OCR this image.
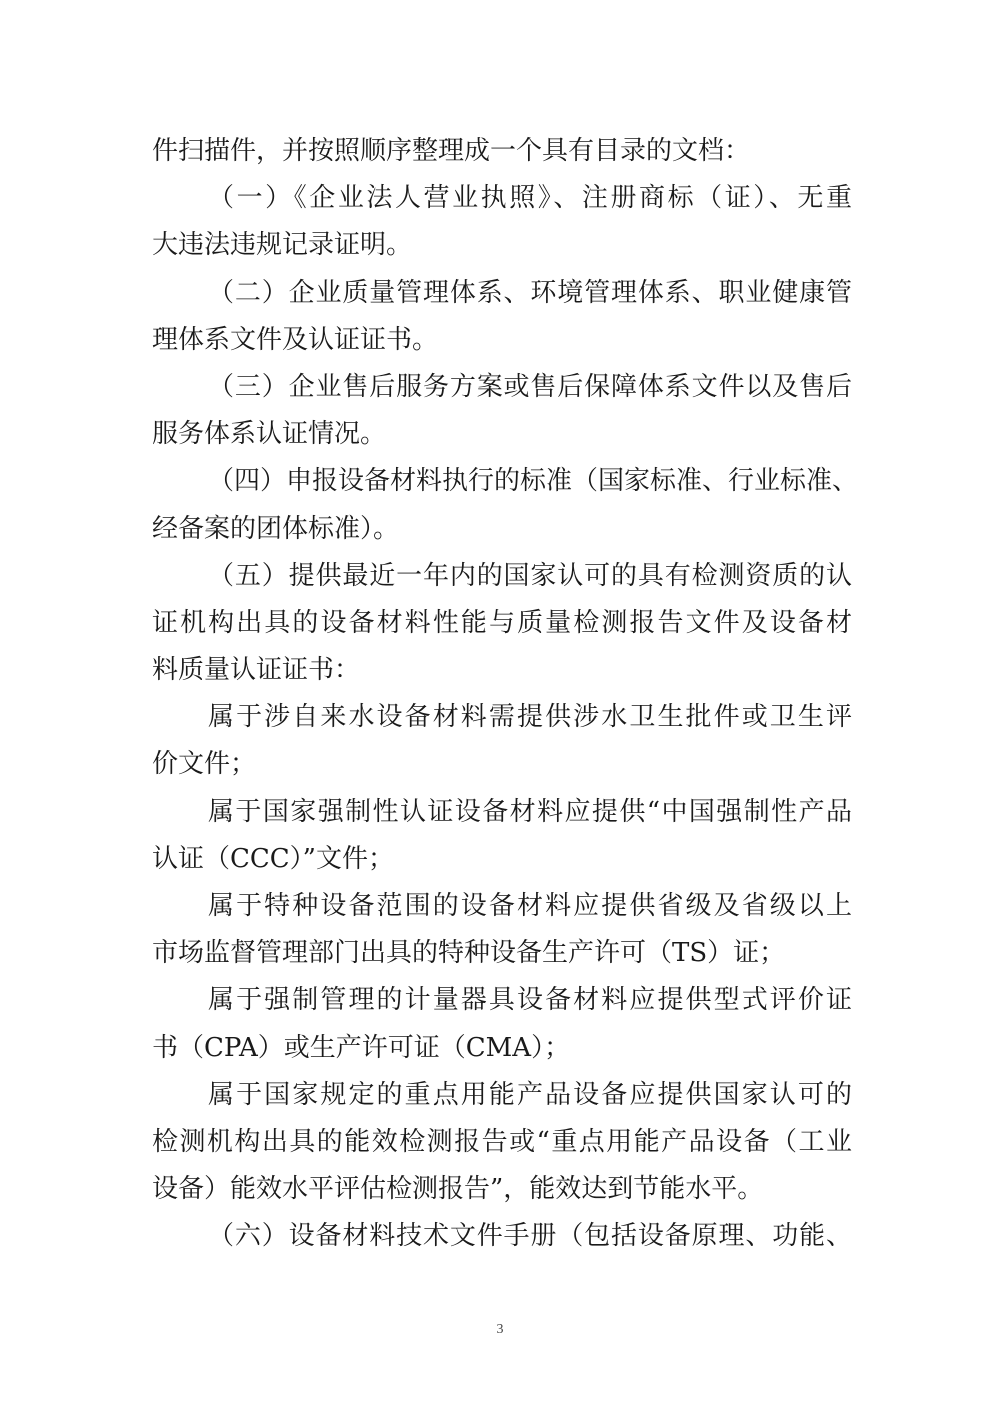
件扫描件，并按照顺序整理成一个具有目录的文档：
（一）《企业法人营业执照》、注册商标（证）、无重
大违法违规记录证明。
（二）企业质量管理体系、环境管理体系、职业健康管
理体系文件及认证证书。
（三）企业售后服务方案或售后保障体系文件以及售后
服务体系认证情况。
（四）申报设备材料执行的标准（国家标准、行业标准、
经备案的团体标准）。
（五）提供最近一年内的国家认可的具有检测资质的认
证机构出具的设备材料性能与质量检测报告文件及设备材
料质量认证证书：
属于涉自来水设备材料需提供涉水卫生批件或卫生评
价文件；
属于国家强制性认证设备材料应提供“中国强制性产品
认证（CCC）”文件；
属于特种设备范围的设备材料应提供省级及省级以上
市场监督管理部门出具的特种设备生产许可（TS）证；
属于强制管理的计量器具设备材料应提供型式评价证
书（CPA）或生产许可证（CMA）；
属于国家规定的重点用能产品设备应提供国家认可的
检测机构出具的能效检测报告或“重点用能产品设备（工业
设备）能效水平评估检测报告”，能效达到节能水平。
（六）设备材料技术文件手册（包括设备原理、功能、
3
